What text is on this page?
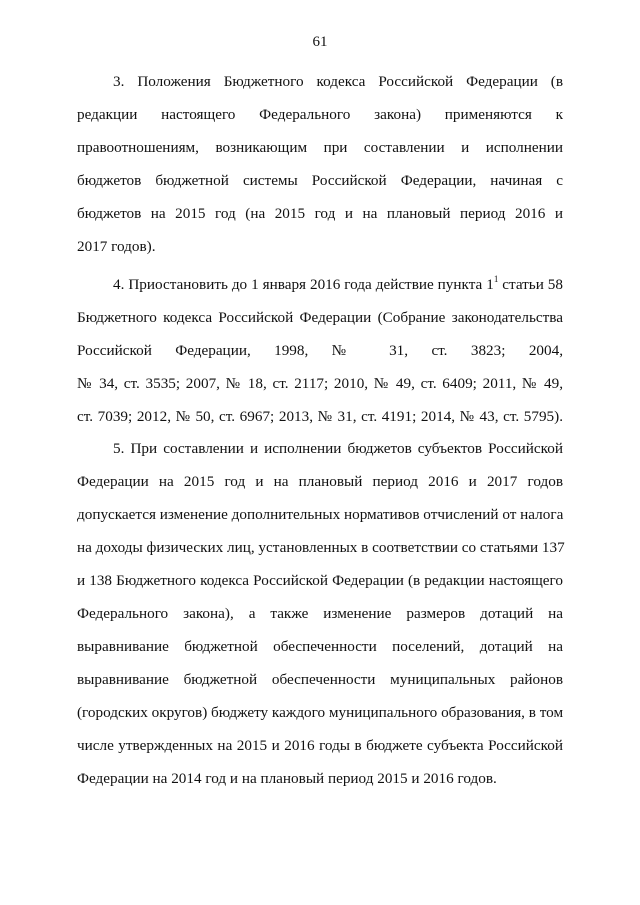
61
3. Положения Бюджетного кодекса Российской Федерации (в
редакции настоящего Федерального закона) применяются к
правоотношениям, возникающим при составлении и исполнении
бюджетов бюджетной системы Российской Федерации, начиная с
бюджетов на 2015 год (на 2015 год и на плановый период 2016 и
2017 годов).
4. Приостановить до 1 января 2016 года действие пункта $1^1$ статьи 58
Бюджетного кодекса Российской Федерации (Собрание законодательства
Российской Федерации, 1998, № 31, ст. 3823; 2004,
№ 34, ст. 3535; 2007, № 18, ст. 2117; 2010, № 49, ст. 6409; 2011, № 49,
ст. 7039; 2012, № 50, ст. 6967; 2013, № 31, ст. 4191; 2014, № 43, ст. 5795).
5. При составлении и исполнении бюджетов субъектов Российской
Федерации на 2015 год и на плановый период 2016 и 2017 годов
допускается изменение дополнительных нормативов отчислений от налога
на доходы физических лиц, установленных в соответствии со статьями 137
и 138 Бюджетного кодекса Российской Федерации (в редакции настоящего
Федерального закона), а также изменение размеров дотаций на
выравнивание бюджетной обеспеченности поселений, дотаций на
выравнивание бюджетной обеспеченности муниципальных районов
(городских округов) бюджету каждого муниципального образования, в том
числе утвержденных на 2015 и 2016 годы в бюджете субъекта Российской
Федерации на 2014 год и на плановый период 2015 и 2016 годов.
